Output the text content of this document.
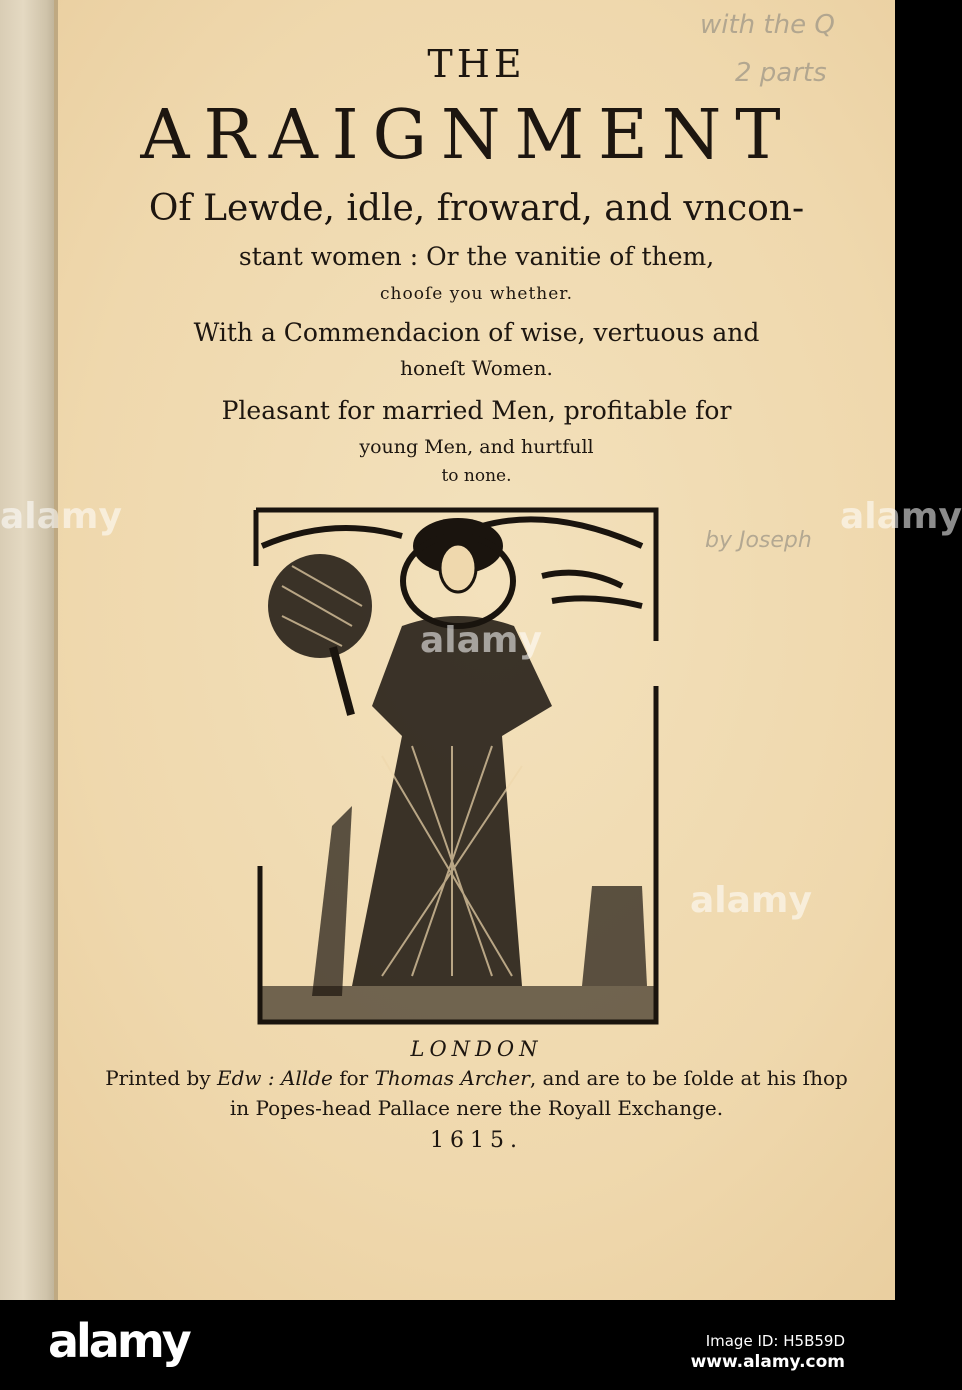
with the Q
2 parts
by Joseph
THE
ARAIGNMENT
Of Lewde, idle, froward, and vncon-
stant women : Or the vanitie of them,
chooſe you whether.
With a Commendacion of wise, vertuous and
honeſt Women.
Pleasant for married Men, profitable for
young Men, and hurtfull
to none.
LONDON
Printed by Edw : Allde for Thomas Archer, and are to be ſolde at his ſhop
in Popes-head Pallace nere the Royall Exchange.
1615.
alamy
alamy
alamy
alamy
alamy	Image ID: H5B59D
www.alamy.com
